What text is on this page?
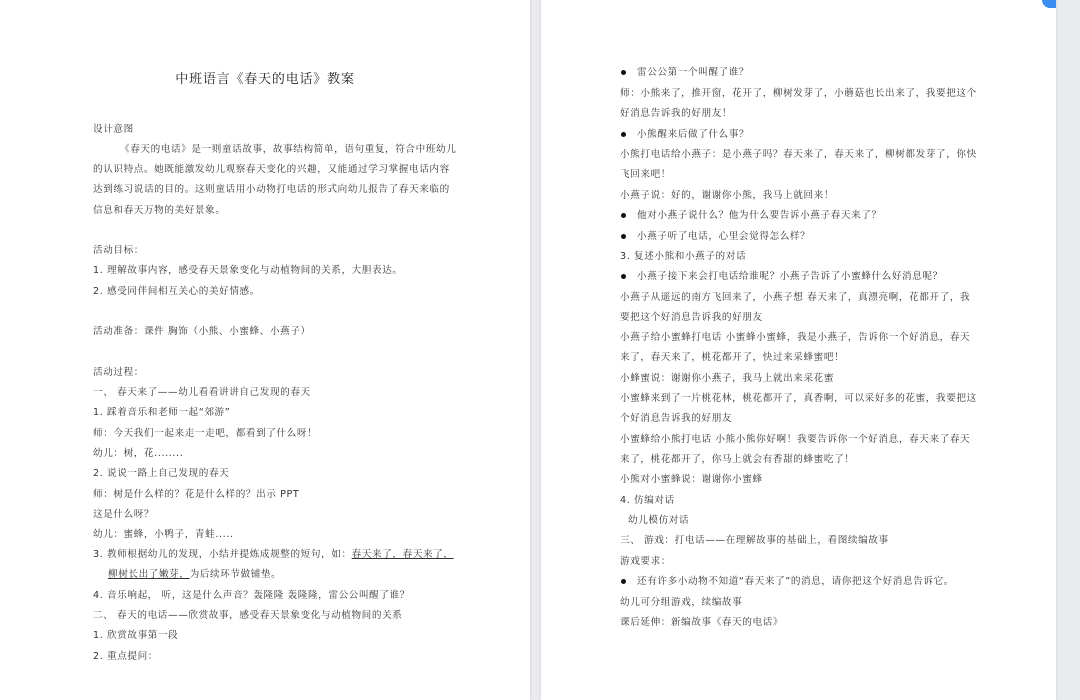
中班语言《春天的电话》教案
设计意图
《春天的电话》是一则童话故事，故事结构简单，语句重复，符合中班幼儿
的认识特点。她既能激发幼儿观察春天变化的兴趣，又能通过学习掌握电话内容
达到练习说话的目的。这则童话用小动物打电话的形式向幼儿报告了春天来临的
信息和春天万物的美好景象。
活动目标：
1. 理解故事内容，感受春天景象变化与动植物间的关系，大胆表达。
2. 感受同伴间相互关心的美好情感。
活动准备：课件 胸饰（小熊、小蜜蜂、小燕子）
活动过程：
一、 春天来了——幼儿看看讲讲自己发现的春天
1. 踩着音乐和老师一起“郊游”
师：今天我们一起来走一走吧，都看到了什么呀！
幼儿：树，花........
2. 说说一路上自己发现的春天
师：树是什么样的？花是什么样的？出示 PPT
这是什么呀？
幼儿：蜜蜂，小鸭子，青蛙.....
3. 教师根据幼儿的发现，小结并提炼成规整的短句，如：春天来了，春天来了，
柳树长出了嫩芽，为后续环节做铺垫。
4. 音乐响起， 听，这是什么声音？轰隆隆 轰隆隆，雷公公叫醒了谁？
二、 春天的电话——欣赏故事，感受春天景象变化与动植物间的关系
1. 欣赏故事第一段
2. 重点提问：
雷公公第一个叫醒了谁？
师：小熊来了，推开窗，花开了，柳树发芽了，小蘑菇也长出来了，我要把这个
好消息告诉我的好朋友！
小熊醒来后做了什么事？
小熊打电话给小燕子：是小燕子吗？春天来了，春天来了，柳树都发芽了，你快
飞回来吧！
小燕子说：好的，谢谢你小熊，我马上就回来！
他对小燕子说什么？他为什么要告诉小燕子春天来了？
小燕子听了电话，心里会觉得怎么样？
3. 复述小熊和小燕子的对话
小燕子接下来会打电话给谁呢？小燕子告诉了小蜜蜂什么好消息呢？
小燕子从遥远的南方飞回来了，小燕子想 春天来了，真漂亮啊，花都开了，我
要把这个好消息告诉我的好朋友
小燕子给小蜜蜂打电话 小蜜蜂小蜜蜂，我是小燕子，告诉你一个好消息，春天
来了，春天来了，桃花都开了，快过来采蜂蜜吧！
小蜂蜜说：谢谢你小燕子，我马上就出来采花蜜
小蜜蜂来到了一片桃花林，桃花都开了，真香啊，可以采好多的花蜜，我要把这
个好消息告诉我的好朋友
小蜜蜂给小熊打电话 小熊小熊你好啊！我要告诉你一个好消息，春天来了春天
来了，桃花都开了，你马上就会有香甜的蜂蜜吃了！
小熊对小蜜蜂说：谢谢你小蜜蜂
4. 仿编对话
幼儿模仿对话
三、 游戏：打电话——在理解故事的基础上，看图续编故事
游戏要求：
还有许多小动物不知道“春天来了”的消息，请你把这个好消息告诉它。
幼儿可分组游戏，续编故事
课后延伸：新编故事《春天的电话》
